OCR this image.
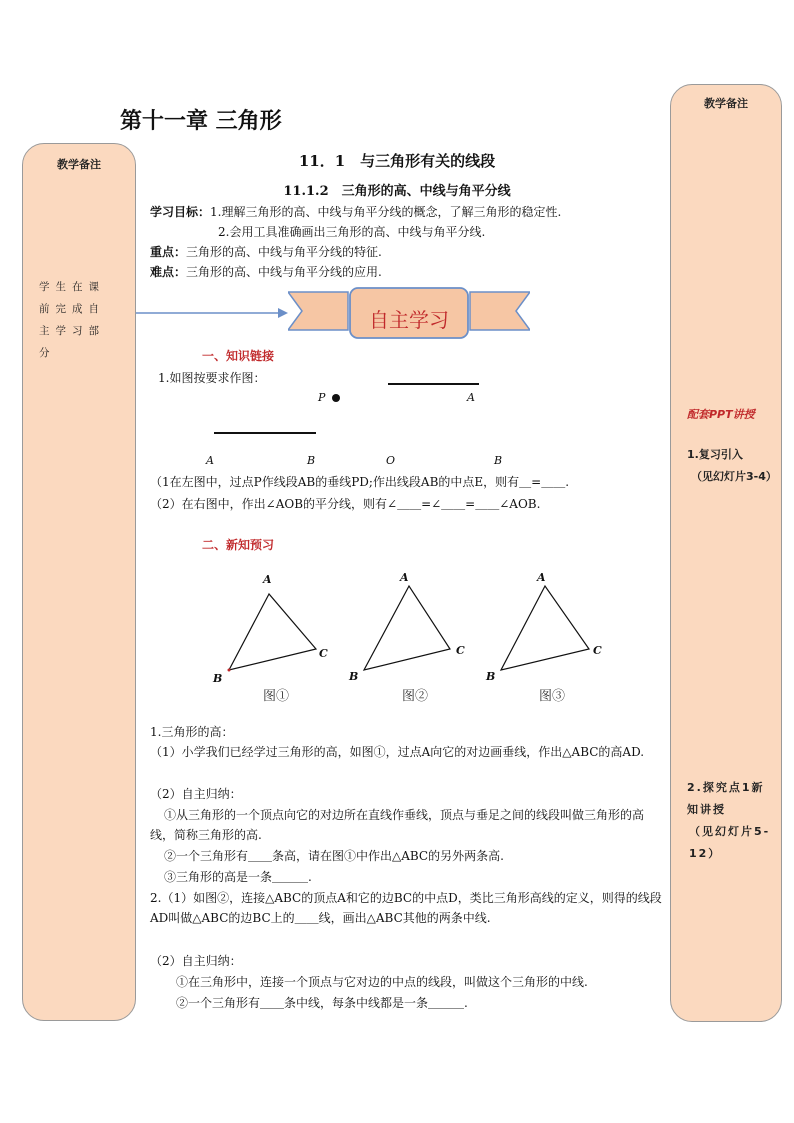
教学备注
学生在课前完成自主学习部分
教学备注
配套PPT讲授
1.复习引入
（见幻灯片3-4）
2.探究点1新知讲授
（见幻灯片5-12）
第十一章 三角形
11．1　与三角形有关的线段
11.1.2　三角形的高、中线与角平分线
学习目标：1.理解三角形的高、中线与角平分线的概念，了解三角形的稳定性.
2.会用工具准确画出三角形的高、中线与角平分线.
重点：三角形的高、中线与角平分线的特征.
难点：三角形的高、中线与角平分线的应用.
自主学习
一、知识链接
1.如图按要求作图：
P	A
A	B	O	B
（1在左图中，过点P作线段AB的垂线PD;作出线段AB的中点E，则有＿=＿＿.
（2）在右图中，作出∠AOB的平分线，则有∠＿＿=∠＿＿=＿＿∠AOB.
二、新知预习
A
B
C
A
B
C
A
B
C
图①	图②	图③
1.三角形的高：
（1）小学我们已经学过三角形的高，如图①，过点A向它的对边画垂线，作出△ABC的高AD.
（2）自主归纳：
①从三角形的一个顶点向它的对边所在直线作垂线，顶点与垂足之间的线段叫做三角形的高线，简称三角形的高.
②一个三角形有＿＿条高，请在图①中作出△ABC的另外两条高.
③三角形的高是一条＿＿＿.
2.（1）如图②，连接△ABC的顶点A和它的边BC的中点D，类比三角形高线的定义，则得的线段AD叫做△ABC的边BC上的＿＿线，画出△ABC其他的两条中线.
（2）自主归纳：
①在三角形中，连接一个顶点与它对边的中点的线段，叫做这个三角形的中线.
②一个三角形有＿＿条中线，每条中线都是一条＿＿＿.
